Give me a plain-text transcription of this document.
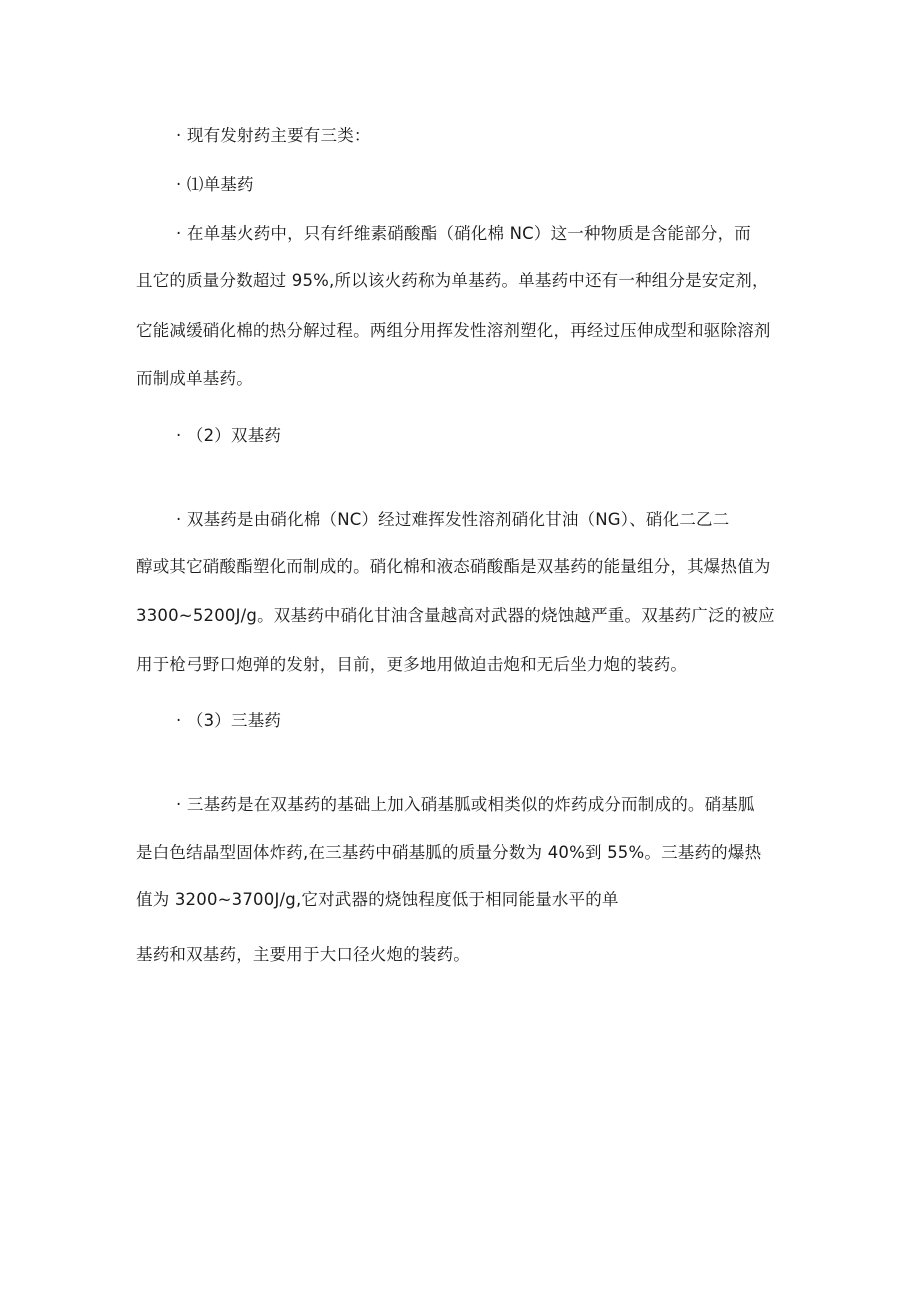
· 现有发射药主要有三类：
· ⑴单基药
· 在单基火药中，只有纤维素硝酸酯（硝化棉 NC）这一种物质是含能部分，而
且它的质量分数超过 95%,所以该火药称为单基药。单基药中还有一种组分是安定剂，
它能减缓硝化棉的热分解过程。两组分用挥发性溶剂塑化，再经过压伸成型和驱除溶剂
而制成单基药。
· （2）双基药
· 双基药是由硝化棉（NC）经过难挥发性溶剂硝化甘油（NG）、硝化二乙二
醇或其它硝酸酯塑化而制成的。硝化棉和液态硝酸酯是双基药的能量组分，其爆热值为
3300~5200J/g。双基药中硝化甘油含量越高对武器的烧蚀越严重。双基药广泛的被应
用于枪弓野口炮弹的发射，目前，更多地用做迫击炮和无后坐力炮的装药。
· （3）三基药
· 三基药是在双基药的基础上加入硝基胍或相类似的炸药成分而制成的。硝基胍
是白色结晶型固体炸药,在三基药中硝基胍的质量分数为 40%到 55%。三基药的爆热
值为 3200~3700J/g,它对武器的烧蚀程度低于相同能量水平的单
基药和双基药，主要用于大口径火炮的装药。
